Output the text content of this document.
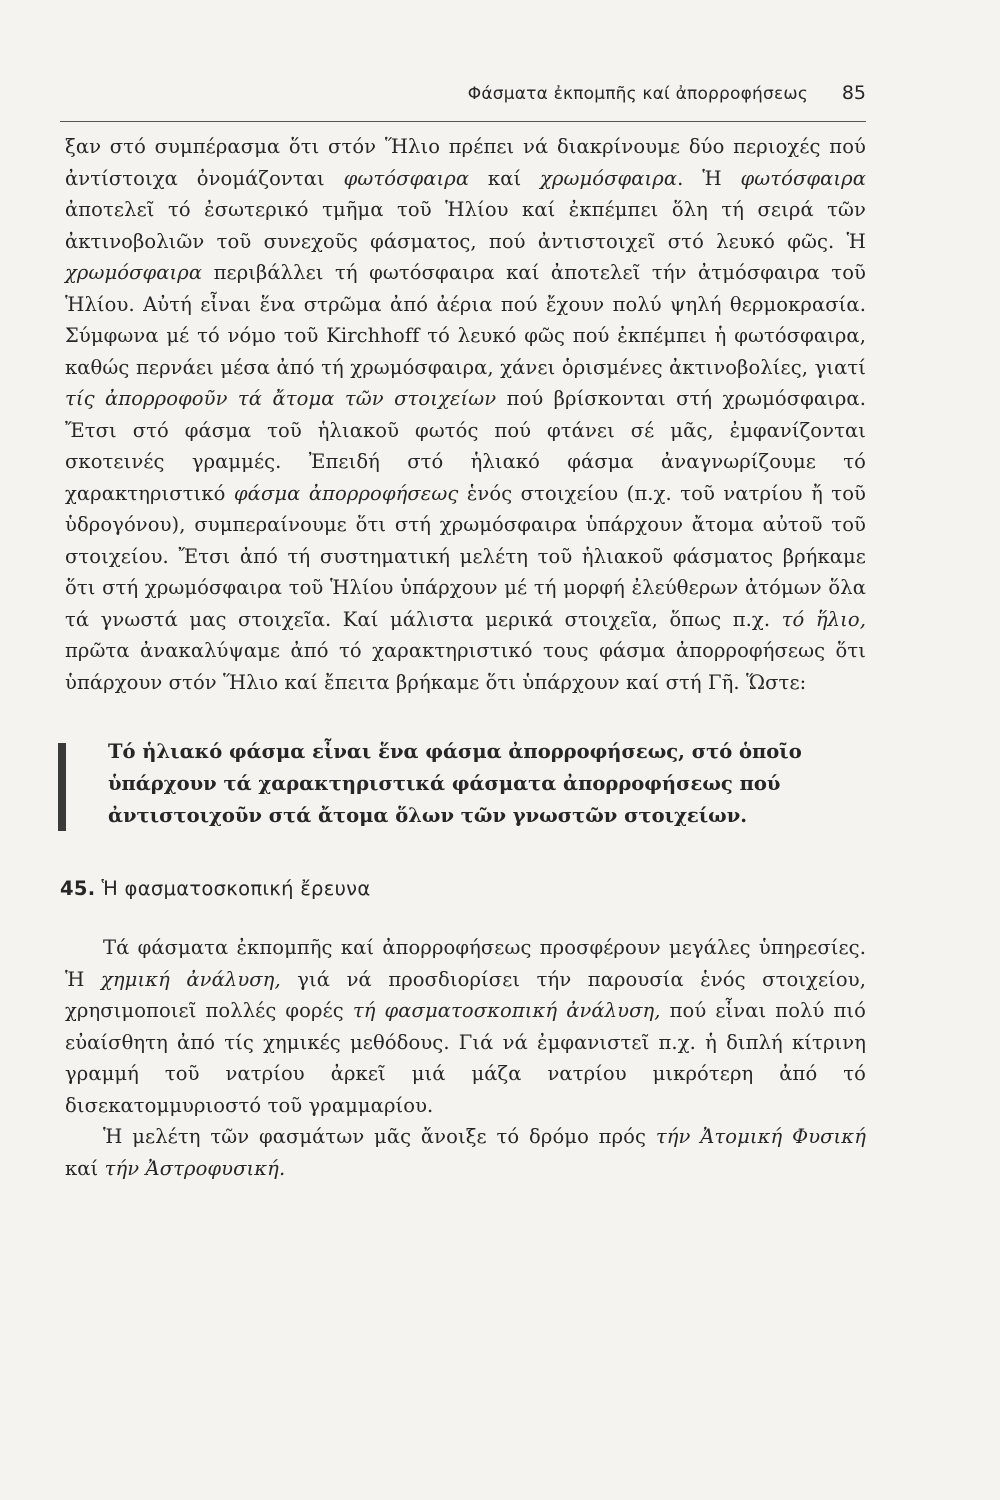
Φάσματα ἐκπομπῆς καί ἀπορροφήσεως 85

ξαν στό συμπέρασμα ὅτι στόν Ἥλιο πρέπει νά διακρίνουμε δύο περιοχές πού ἀντίστοιχα ὀνομάζονται φωτόσφαιρα καί χρωμόσφαιρα. Ἡ φωτόσφαιρα ἀποτελεῖ τό ἐσωτερικό τμῆμα τοῦ Ἡλίου καί ἐκπέμπει ὅλη τή σειρά τῶν ἀκτινοβολιῶν τοῦ συνεχοῦς φάσματος, πού ἀντιστοιχεῖ στό λευκό φῶς. Ἡ χρωμόσφαιρα περιβάλλει τή φωτόσφαιρα καί ἀποτελεῖ τήν ἀτμόσφαιρα τοῦ Ἡλίου. Αὐτή εἶναι ἕνα στρῶμα ἀπό ἀέρια πού ἔχουν πολύ ψηλή θερμοκρασία. Σύμφωνα μέ τό νόμο τοῦ Kirchhoff τό λευκό φῶς πού ἐκπέμπει ἡ φωτόσφαιρα, καθώς περνάει μέσα ἀπό τή χρωμόσφαιρα, χάνει ὁρισμένες ἀκτινοβολίες, γιατί τίς ἀπορροφοῦν τά ἄτομα τῶν στοιχείων πού βρίσκονται στή χρωμόσφαιρα. Ἔτσι στό φάσμα τοῦ ἡλιακοῦ φωτός πού φτάνει σέ μᾶς, ἐμφανίζονται σκοτεινές γραμμές. Ἐπειδή στό ἡλιακό φάσμα ἀναγνωρίζουμε τό χαρακτηριστικό φάσμα ἀπορροφήσεως ἑνός στοιχείου (π.χ. τοῦ νατρίου ἤ τοῦ ὑδρογόνου), συμπεραίνουμε ὅτι στή χρωμόσφαιρα ὑπάρχουν ἄτομα αὐτοῦ τοῦ στοιχείου. Ἔτσι ἀπό τή συστηματική μελέτη τοῦ ἡλιακοῦ φάσματος βρήκαμε ὅτι στή χρωμόσφαιρα τοῦ Ἡλίου ὑπάρχουν μέ τή μορφή ἐλεύθερων ἀτόμων ὅλα τά γνωστά μας στοιχεῖα. Καί μάλιστα μερικά στοιχεῖα, ὅπως π.χ. τό ἥλιο, πρῶτα ἀνακαλύψαμε ἀπό τό χαρακτηριστικό τους φάσμα ἀπορροφήσεως ὅτι ὑπάρχουν στόν Ἥλιο καί ἔπειτα βρήκαμε ὅτι ὑπάρχουν καί στή Γῆ. Ὥστε:

Τό ἡλιακό φάσμα εἶναι ἕνα φάσμα ἀπορροφήσεως, στό ὁποῖο ὑπάρχουν τά χαρακτηριστικά φάσματα ἀπορροφήσεως πού ἀντιστοιχοῦν στά ἄτομα ὅλων τῶν γνωστῶν στοιχείων.
45. Ἡ φασματοσκοπική ἔρευνα

Τά φάσματα ἐκπομπῆς καί ἀπορροφήσεως προσφέρουν μεγάλες ὑπηρεσίες. Ἡ χημική ἀνάλυση, γιά νά προσδιορίσει τήν παρουσία ἑνός στοιχείου, χρησιμοποιεῖ πολλές φορές τή φασματοσκοπική ἀνάλυση, πού εἶναι πολύ πιό εὐαίσθητη ἀπό τίς χημικές μεθόδους. Γιά νά ἐμφανιστεῖ π.χ. ἡ διπλή κίτρινη γραμμή τοῦ νατρίου ἀρκεῖ μιά μάζα νατρίου μικρότερη ἀπό τό δισεκατομμυριοστό τοῦ γραμμαρίου.

Ἡ μελέτη τῶν φασμάτων μᾶς ἄνοιξε τό δρόμο πρός τήν Ἀτομική Φυσική καί τήν Ἀστροφυσική.
